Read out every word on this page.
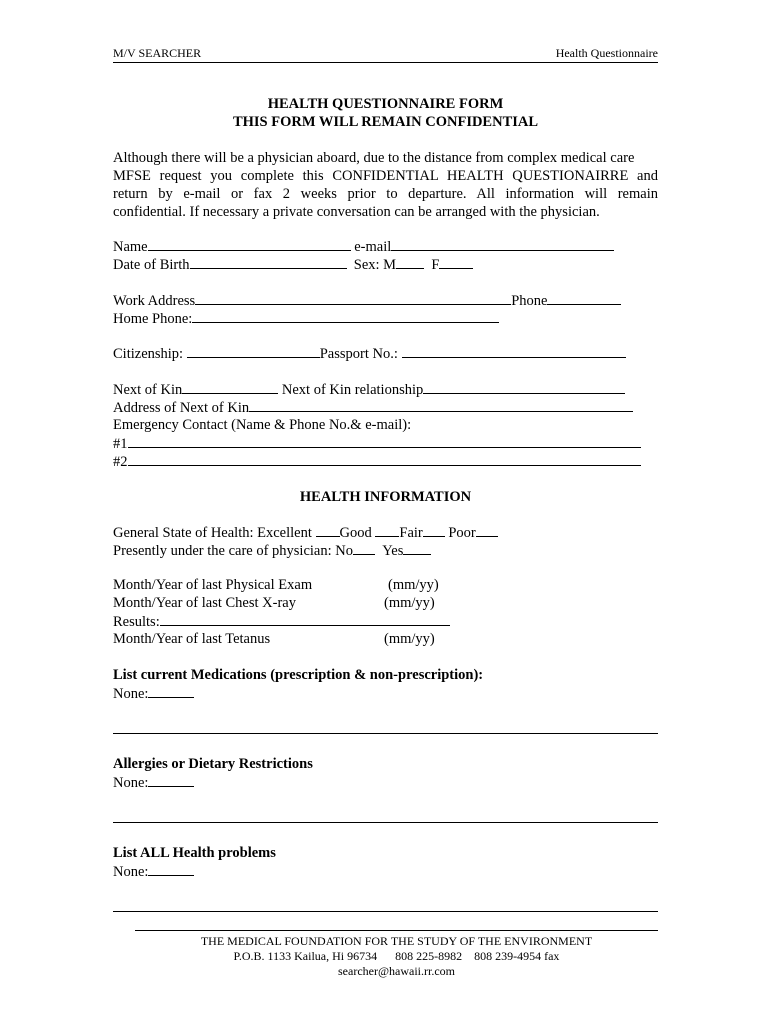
M/V SEARCHER	Health Questionnaire
HEALTH QUESTIONNAIRE FORM
THIS FORM WILL REMAIN CONFIDENTIAL
Although there will be a physician aboard, due to the distance from complex medical care
MFSE request you complete this CONFIDENTIAL HEALTH QUESTIONAIRRE and
return by e-mail or fax 2 weeks prior to departure. All information will remain
confidential. If necessary a private conversation can be arranged with the physician.
Name	e-mail
Date of Birth	Sex: M F
Work Address	Phone
Home Phone:
Citizenship:	Passport No.:
Next of Kin	Next of Kin relationship
Address of Next of Kin
Emergency Contact (Name & Phone No.& e-mail):
#1
#2
HEALTH INFORMATION
General State of Health: Excellent Good Fair Poor
Presently under the care of physician: No Yes
Month/Year of last Physical Exam	(mm/yy)
Month/Year of last Chest X-ray	(mm/yy)
Results:
Month/Year of last Tetanus	(mm/yy)
List current Medications (prescription & non-prescription):
None:
Allergies or Dietary Restrictions
None:
List ALL Health problems
None:
THE MEDICAL FOUNDATION FOR THE STUDY OF THE ENVIRONMENT
P.O.B. 1133 Kailua, Hi 96734 808 225-8982 808 239-4954 fax
searcher@hawaii.rr.com
